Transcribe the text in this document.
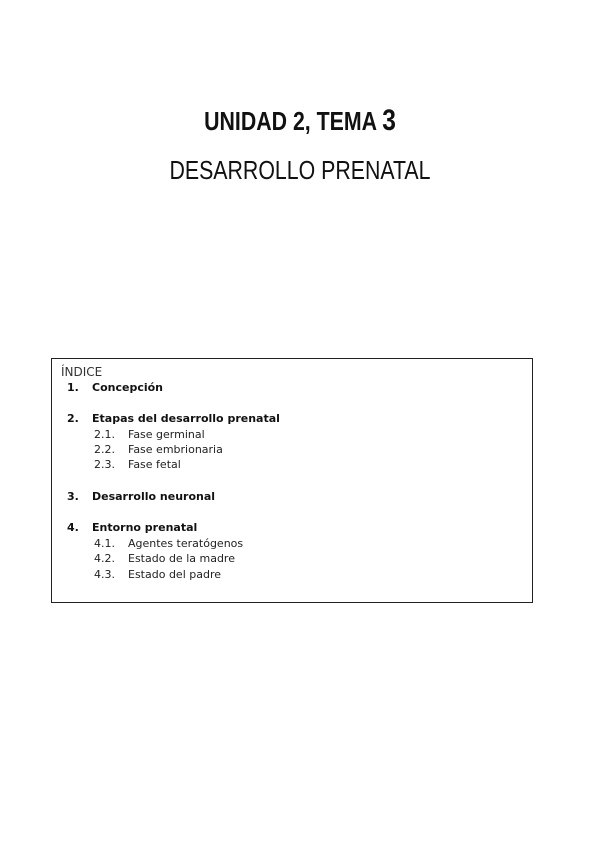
UNIDAD 2, TEMA 3
DESARROLLO PRENATAL
ÍNDICE
1.	Concepción
2.	Etapas del desarrollo prenatal
2.1.	Fase germinal
2.2.	Fase embrionaria
2.3.	Fase fetal
3.	Desarrollo neuronal
4.	Entorno prenatal
4.1.	Agentes teratógenos
4.2.	Estado de la madre
4.3.	Estado del padre
